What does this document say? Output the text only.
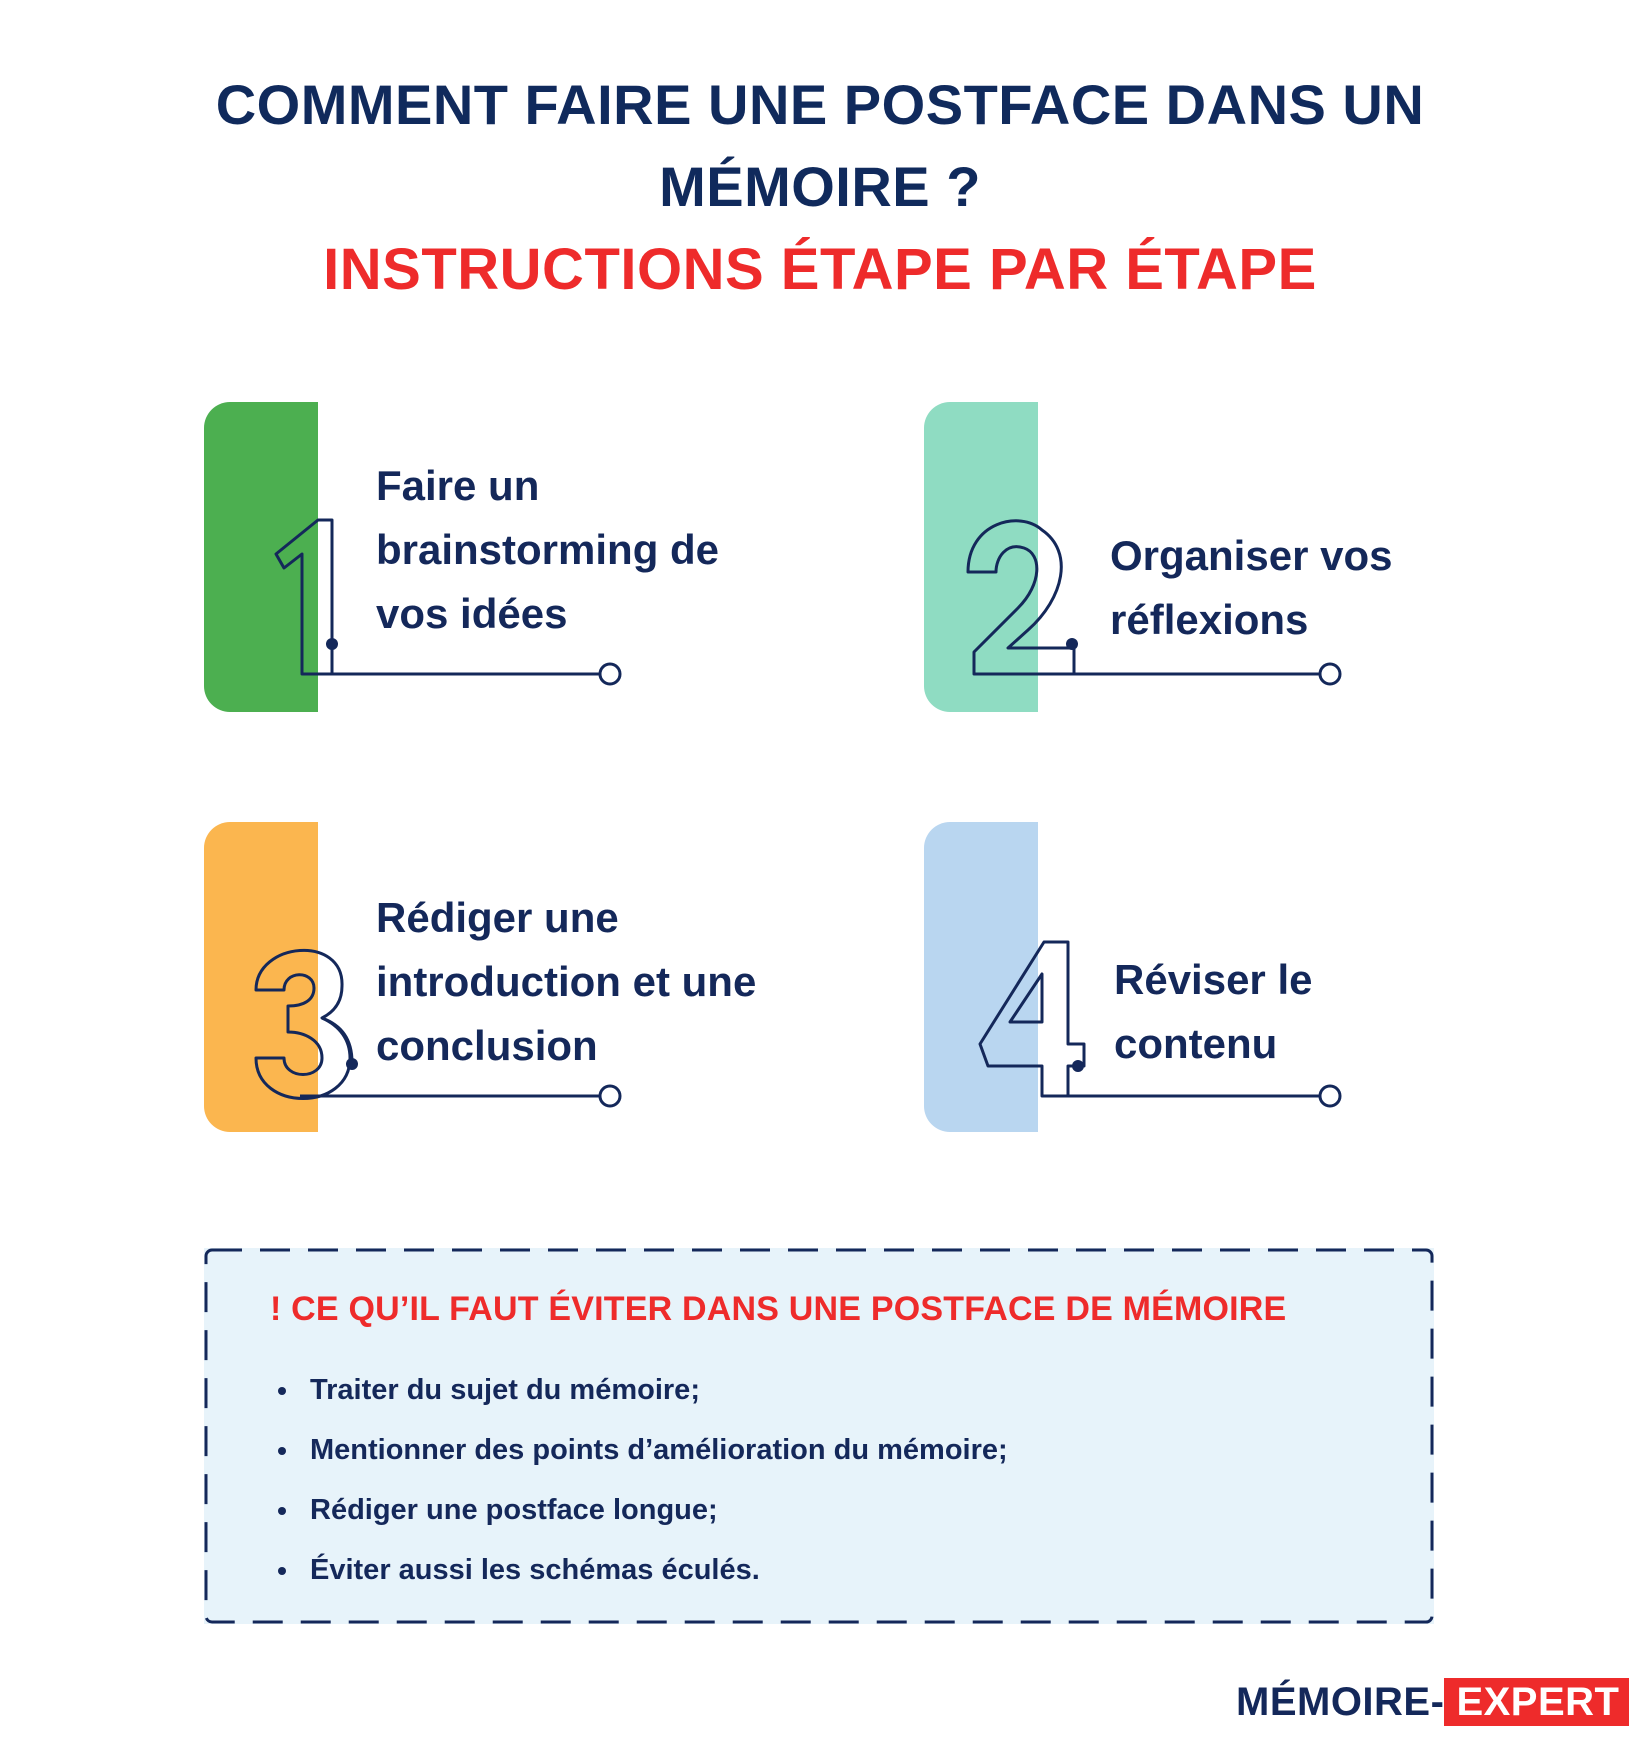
COMMENT FAIRE UNE POSTFACE DANS UN
MÉMOIRE ?
INSTRUCTIONS ÉTAPE PAR ÉTAPE
Faire un
brainstorming de
vos idées
Organiser vos
réflexions
Rédiger une
introduction et une
conclusion
Réviser le
contenu
! CE QU’IL FAUT ÉVITER DANS UNE POSTFACE DE MÉMOIRE
Traiter du sujet du mémoire;
Mentionner des points d’amélioration du mémoire;
Rédiger une postface longue;
Éviter aussi les schémas éculés.
MÉMOIRE- EXPERT
